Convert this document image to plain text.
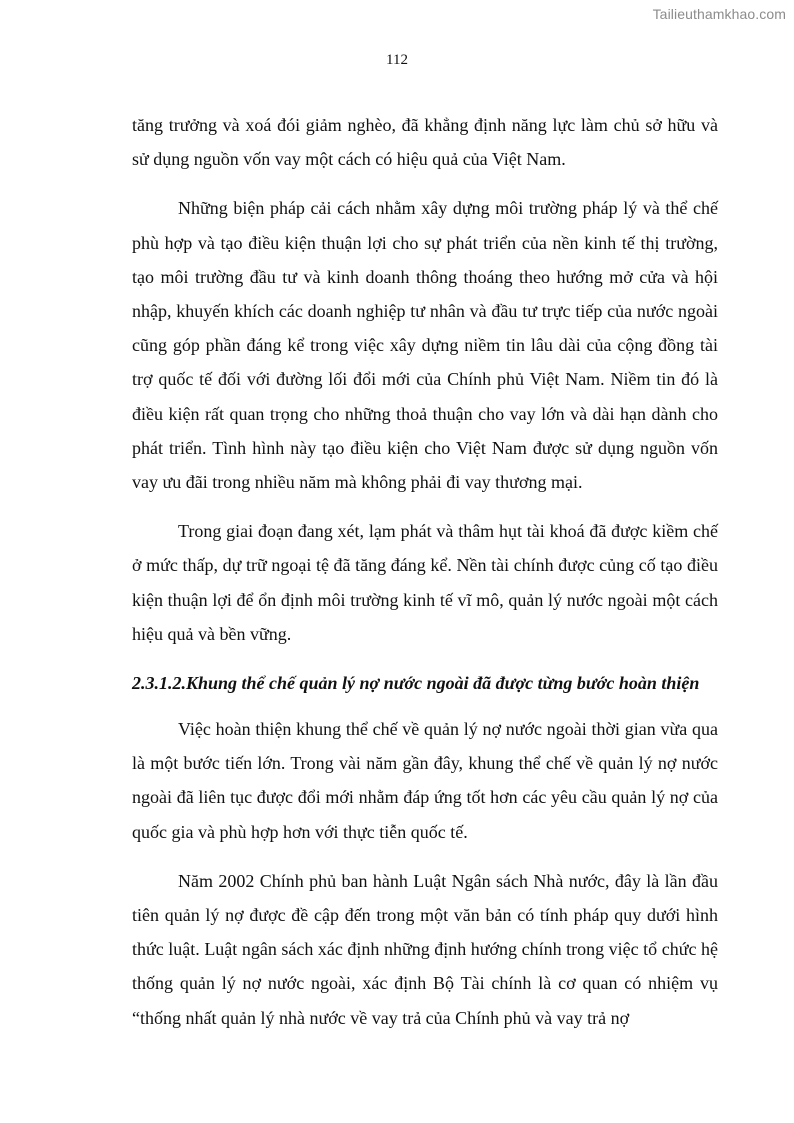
Tailieuthamkhao.com
112

tăng trưởng và xoá đói giảm nghèo, đã khẳng định năng lực làm chủ sở hữu và sử dụng nguồn vốn vay một cách có hiệu quả của Việt Nam.

Những biện pháp cải cách nhằm xây dựng môi trường pháp lý và thể chế phù hợp và tạo điều kiện thuận lợi cho sự phát triển của nền kinh tế thị trường, tạo môi trường đầu tư và kinh doanh thông thoáng theo hướng mở cửa và hội nhập, khuyến khích các doanh nghiệp tư nhân và đầu tư trực tiếp của nước ngoài cũng góp phần đáng kể trong việc xây dựng niềm tin lâu dài của cộng đồng tài trợ quốc tế đối với đường lối đổi mới của Chính phủ Việt Nam. Niềm tin đó là điều kiện rất quan trọng cho những thoả thuận cho vay lớn và dài hạn dành cho phát triển. Tình hình này tạo điều kiện cho Việt Nam được sử dụng nguồn vốn vay ưu đãi trong nhiều năm mà không phải đi vay thương mại.

Trong giai đoạn đang xét, lạm phát và thâm hụt tài khoá đã được kiềm chế ở mức thấp, dự trữ ngoại tệ đã tăng đáng kể. Nền tài chính được củng cố tạo điều kiện thuận lợi để ổn định môi trường kinh tế vĩ mô, quản lý nước ngoài một cách hiệu quả và bền vững.

2.3.1.2.Khung thể chế quản lý nợ nước ngoài đã được từng bước hoàn thiện

Việc hoàn thiện khung thể chế về quản lý nợ nước ngoài thời gian vừa qua là một bước tiến lớn. Trong vài năm gần đây, khung thể chế về quản lý nợ nước ngoài đã liên tục được đổi mới nhằm đáp ứng tốt hơn các yêu cầu quản lý nợ của quốc gia và phù hợp hơn với thực tiễn quốc tế.

Năm 2002 Chính phủ ban hành Luật Ngân sách Nhà nước, đây là lần đầu tiên quản lý nợ được đề cập đến trong một văn bản có tính pháp quy dưới hình thức luật. Luật ngân sách xác định những định hướng chính trong việc tổ chức hệ thống quản lý nợ nước ngoài, xác định Bộ Tài chính là cơ quan có nhiệm vụ “thống nhất quản lý nhà nước về vay trả của Chính phủ và vay trả nợ
